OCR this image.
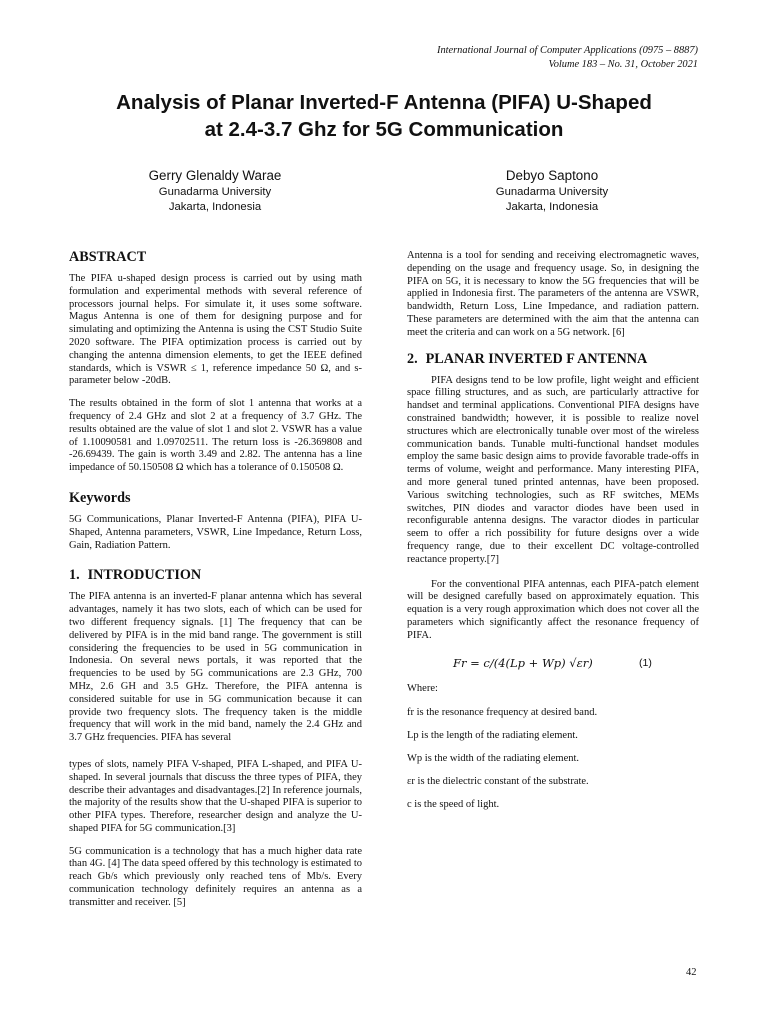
International Journal of Computer Applications (0975 – 8887)
Volume 183 – No. 31, October 2021
Analysis of Planar Inverted-F Antenna (PIFA) U-Shaped
at 2.4-3.7 Ghz for 5G Communication
Gerry Glenaldy Warae
Gunadarma University
Jakarta, Indonesia
Debyo Saptono
Gunadarma University
Jakarta, Indonesia
ABSTRACT

The PIFA u-shaped design process is carried out by using math formulation and experimental methods with several reference of processors journal helps. For simulate it, it uses some software. Magus Antenna is one of them for designing purpose and for simulating and optimizing the Antenna is using the CST Studio Suite 2020 software. The PIFA optimization process is carried out by changing the antenna dimension elements, to get the IEEE defined standards, which is VSWR ≤ 1, reference impedance 50 Ω, and s-parameter below -20dB.

The results obtained in the form of slot 1 antenna that works at a frequency of 2.4 GHz and slot 2 at a frequency of 3.7 GHz. The results obtained are the value of slot 1 and slot 2. VSWR has a value of 1.10090581 and 1.09702511. The return loss is -26.369808 and -26.69439. The gain is worth 3.49 and 2.82. The antenna has a line impedance of 50.150508 Ω which has a tolerance of 0.150508 Ω.

Keywords

5G Communications, Planar Inverted-F Antenna (PIFA), PIFA U-Shaped, Antenna parameters, VSWR, Line Impedance, Return Loss, Gain, Radiation Pattern.

1. INTRODUCTION

The PIFA antenna is an inverted-F planar antenna which has several advantages, namely it has two slots, each of which can be used for two different frequency signals. [1] The frequency that can be delivered by PIFA is in the mid band range. The government is still considering the frequencies to be used in 5G communication in Indonesia. On several news portals, it was reported that the frequencies to be used by 5G communications are 2.3 GHz, 700 MHz, 2.6 GH and 3.5 GHz. Therefore, the PIFA antenna is considered suitable for use in 5G communication because it can provide two frequency slots. The frequency taken is the middle frequency that will work in the mid band, namely the 2.4 GHz and 3.7 GHz frequencies. PIFA has several

types of slots, namely PIFA V-shaped, PIFA L-shaped, and PIFA U-shaped. In several journals that discuss the three types of PIFA, they describe their advantages and disadvantages.[2] In reference journals, the majority of the results show that the U-shaped PIFA is superior to other PIFA types. Therefore, researcher design and analyze the U-shaped PIFA for 5G communication.[3]

5G communication is a technology that has a much higher data rate than 4G. [4] The data speed offered by this technology is estimated to reach Gb/s which previously only reached tens of Mb/s. Every communication technology definitely requires an antenna as a transmitter and receiver. [5]

Antenna is a tool for sending and receiving electromagnetic waves, depending on the usage and frequency usage. So, in designing the PIFA on 5G, it is necessary to know the 5G frequencies that will be applied in Indonesia first. The parameters of the antenna are VSWR, bandwidth, Return Loss, Line Impedance, and radiation pattern. These parameters are determined with the aim that the antenna can meet the criteria and can work on a 5G network. [6]

2. PLANAR INVERTED F ANTENNA

PIFA designs tend to be low profile, light weight and efficient space filling structures, and as such, are particularly attractive for handset and terminal applications. Conventional PIFA designs have constrained bandwidth; however, it is possible to realize novel structures which are electronically tunable over most of the wireless communication bands. Tunable multi-functional handset modules employ the same basic design aims to provide favorable trade-offs in terms of volume, weight and performance. Many interesting PIFA, and more general tuned printed antennas, have been proposed. Various switching technologies, such as RF switches, MEMs switches, PIN diodes and varactor diodes have been used in reconfigurable antenna designs. The varactor diodes in particular seem to offer a rich possibility for future designs over a wide frequency range, due to their excellent DC voltage-controlled reactance property.[7]

For the conventional PIFA antennas, each PIFA-patch element will be designed carefully based on approximately equation. This equation is a very rough approximation which does not cover all the parameters which significantly affect the resonance frequency of PIFA.

Fr = c/(4(Lp + Wp) √εr)	(1)

Where:

fr is the resonance frequency at desired band.

Lp is the length of the radiating element.

Wp is the width of the radiating element.

εr is the dielectric constant of the substrate.

c is the speed of light.

42
